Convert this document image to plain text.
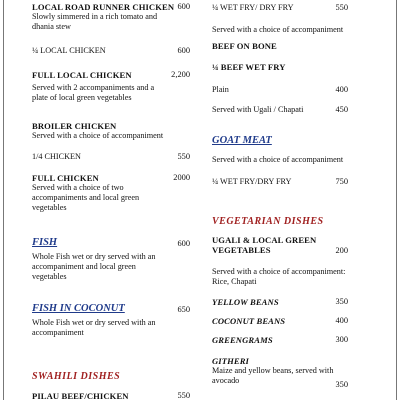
LOCAL ROAD RUNNER CHICKEN 600
Slowly simmered in a rich tomato and dhania stew
¼ LOCAL CHICKEN	600
FULL LOCAL CHICKEN	2,200
Served with 2 accompaniments and a plate of local green vegetables
BROILER CHICKEN
Served with a choice of accompaniment
1/4 CHICKEN	550
FULL CHICKEN	2000
Served with a choice of two accompaniments and local green vegetables
FISH	600
Whole Fish wet or dry served with an accompaniment and local green vegetables
FISH IN COCONUT	650
Whole Fish wet or dry served with an accompaniment
SWAHILI DISHES
PILAU BEEF/CHICKEN	550
¼ WET FRY/ DRY FRY	550
Served with a choice of accompaniment
BEEF ON BONE
¼ BEEF WET FRY
Plain	400
Served with Ugali / Chapati	450
GOAT MEAT
Served with a choice of accompaniment
¼ WET FRY/DRY FRY	750
VEGETARIAN DISHES
UGALI & LOCAL GREEN VEGETABLES	200
Served with a choice of accompaniment: Rice, Chapati
YELLOW BEANS	350
COCONUT BEANS	400
GREENGRAMS	300
GITHERI
Maize and yellow beans, served with avocado	350
